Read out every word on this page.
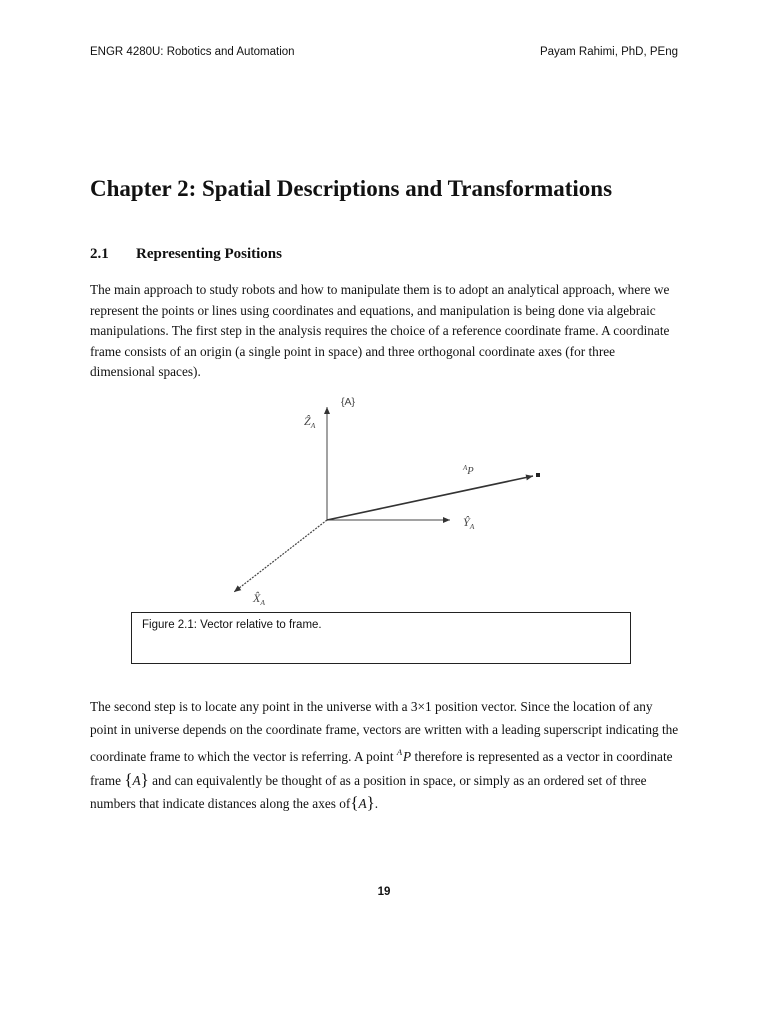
ENGR 4280U: Robotics and Automation	Payam Rahimi, PhD, PEng
Chapter 2: Spatial Descriptions and Transformations
2.1 Representing Positions

The main approach to study robots and how to manipulate them is to adopt an analytical approach, where we represent the points or lines using coordinates and equations, and manipulation is being done via algebraic manipulations. The first step in the analysis requires the choice of a reference coordinate frame. A coordinate frame consists of an origin (a single point in space) and three orthogonal coordinate axes (for three dimensional spaces).

{A}
Ẑ$_A$
$Ŷ_A$
$X̂_A$
$^A_P$
Figure 2.1: Vector relative to frame.

The second step is to locate any point in the universe with a 3×1 position vector. Since the location of any point in universe depends on the coordinate frame, vectors are written with a leading superscript indicating the coordinate frame to which the vector is referring. A point $^A$P therefore is represented as a vector in coordinate frame {A} and can equivalently be thought of as a position in space, or simply as an ordered set of three numbers that indicate distances along the axes of{A}.

19
